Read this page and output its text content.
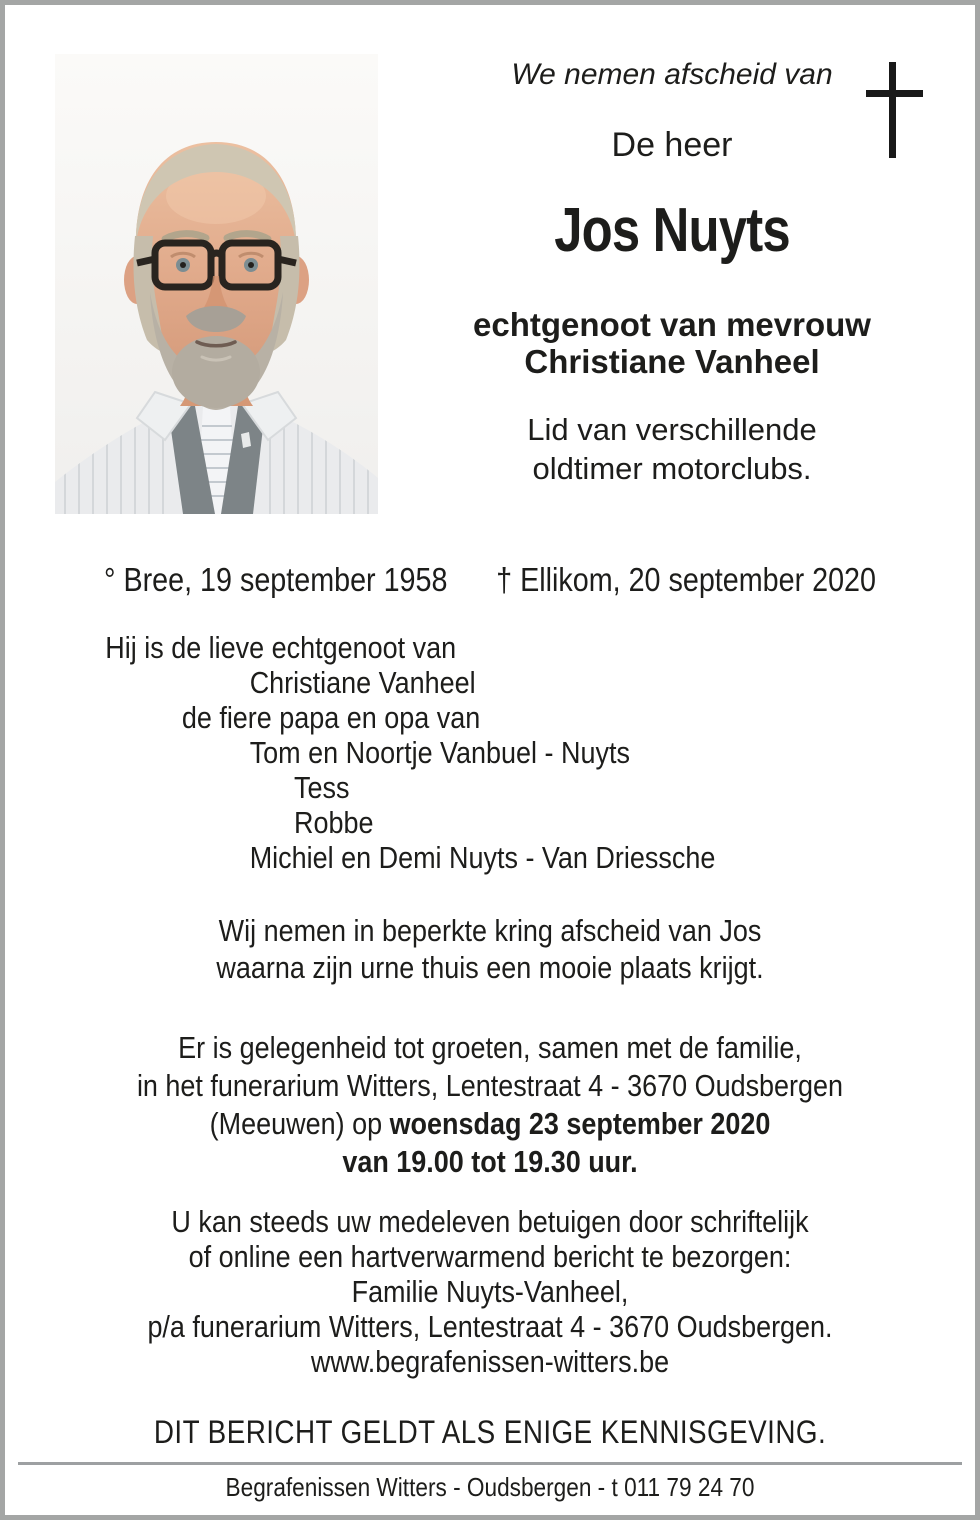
We nemen afscheid van
De heer
Jos Nuyts
echtgenoot van mevrouw
Christiane Vanheel
Lid van verschillende
oldtimer motorclubs.
° Bree, 19 september 1958 † Ellikom, 20 september 2020
Hij is de lieve echtgenoot van
Christiane Vanheel
de fiere papa en opa van
Tom en Noortje Vanbuel - Nuyts
Tess
Robbe
Michiel en Demi Nuyts - Van Driessche
Wij nemen in beperkte kring afscheid van Jos
waarna zijn urne thuis een mooie plaats krijgt.
Er is gelegenheid tot groeten, samen met de familie,
in het funerarium Witters, Lentestraat 4 - 3670 Oudsbergen
(Meeuwen) op woensdag 23 september 2020
van 19.00 tot 19.30 uur.
U kan steeds uw medeleven betuigen door schriftelijk
of online een hartverwarmend bericht te bezorgen:
Familie Nuyts-Vanheel,
p/a funerarium Witters, Lentestraat 4 - 3670 Oudsbergen.
www.begrafenissen-witters.be
DIT BERICHT GELDT ALS ENIGE KENNISGEVING.
Begrafenissen Witters - Oudsbergen - t 011 79 24 70
